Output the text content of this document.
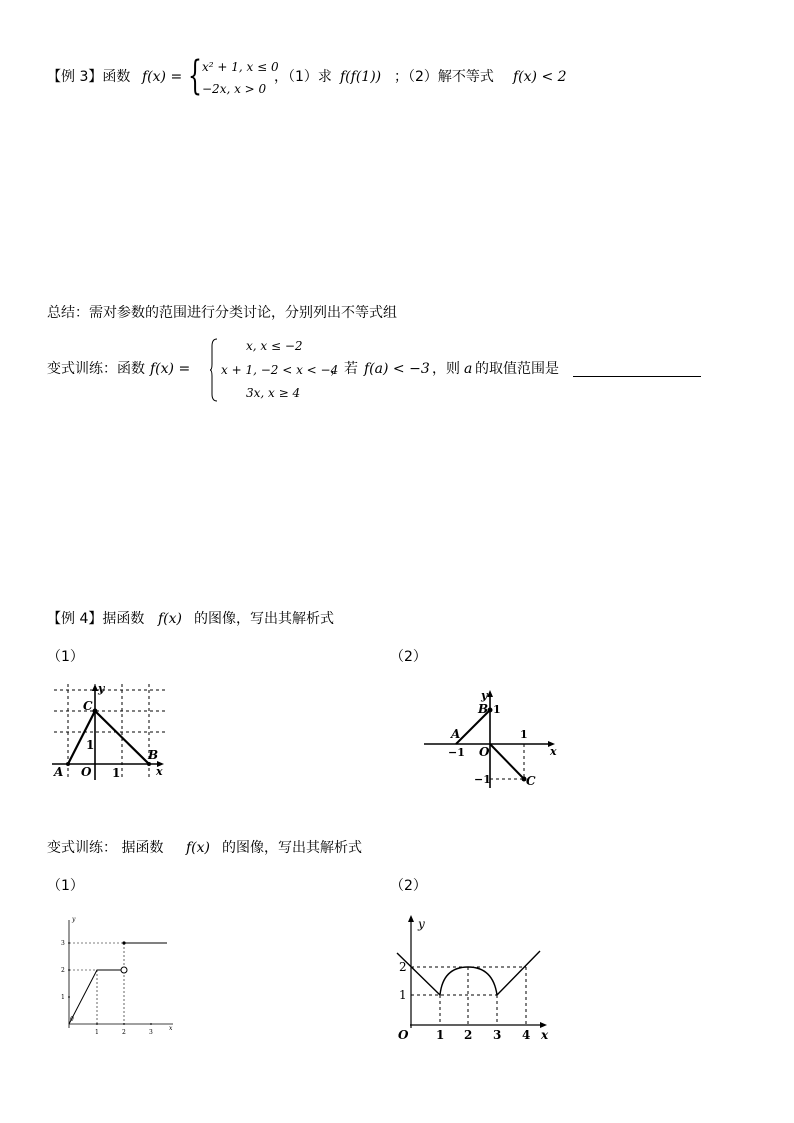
【例 3】函数 f(x) = { x² + 1, x ≤ 0
−2x, x > 0
，（1）求 f(f(1)) ；（2）解不等式 f(x) < 2
总结：需对参数的范围进行分类讨论，分别列出不等式组
变式训练：函数 f(x) =
x, x ≤ −2
x + 1, −2 < x < −4
3x, x ≥ 4
，若 f(a) < −3 ，则 a 的取值范围是
【例 4】据函数 f(x) 的图像，写出其解析式
（1）	（2）
y
C
A
B
O
1
1	x
y
B 1
A
−1 O
1
x
−1	C
变式训练： 据函数 f(x) 的图像，写出其解析式
（1）	（2）
y
3
2
1
0
1	2	3
x
y
2
1
O 1 2 3 4 x
